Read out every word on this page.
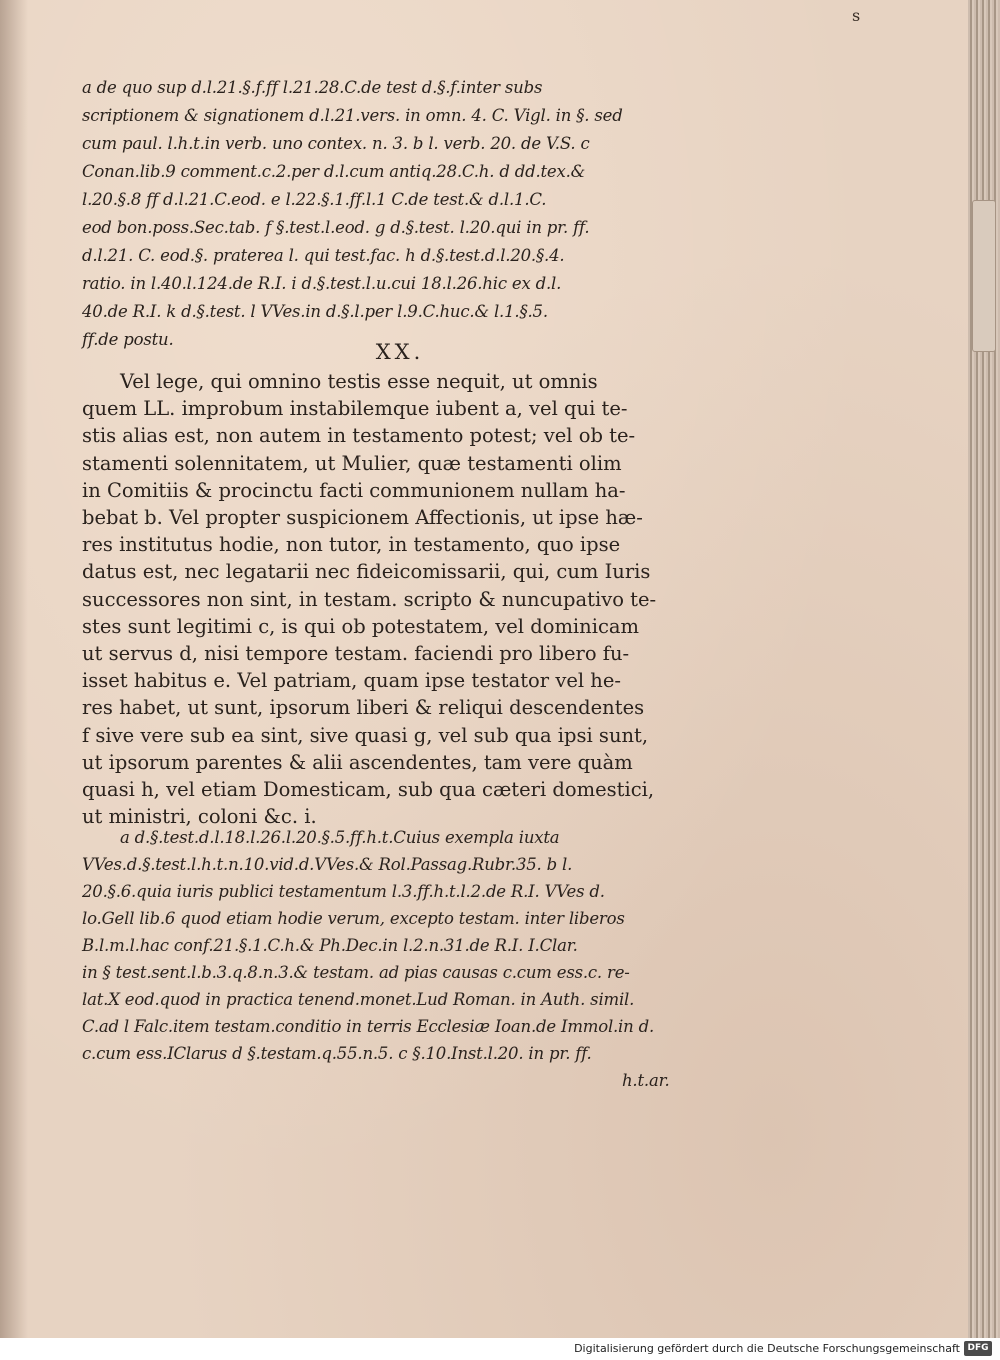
s
a de quo sup d.l.21.§.f.ff l.21.28.C.de test d.§.f.inter subs
scriptionem & signationem d.l.21.vers. in omn. 4. C. Vigl. in §. sed
cum paul. l.h.t.in verb. uno contex. n. 3. b l. verb. 20. de V.S. c
Conan.lib.9 comment.c.2.per d.l.cum antiq.28.C.h. d dd.tex.&
l.20.§.8 ff d.l.21.C.eod. e l.22.§.1.ff.l.1 C.de test.& d.l.1.C.
eod bon.poss.Sec.tab. f §.test.l.eod. g d.§.test. l.20.qui in pr. ff.
d.l.21. C. eod.§. praterea l. qui test.fac. h d.§.test.d.l.20.§.4.
ratio. in l.40.l.124.de R.I. i d.§.test.l.u.cui 18.l.26.hic ex d.l.
40.de R.I. k d.§.test. l VVes.in d.§.l.per l.9.C.huc.& l.1.§.5.
ff.de postu.
XX.
Vel lege, qui omnino testis esse nequit, ut omnis
quem LL. improbum instabilemque iubent a, vel qui te-
stis alias est, non autem in testamento potest; vel ob te-
stamenti solennitatem, ut Mulier, quæ testamenti olim
in Comitiis & procinctu facti communionem nullam ha-
bebat b. Vel propter suspicionem Affectionis, ut ipse hæ-
res institutus hodie, non tutor, in testamento, quo ipse
datus est, nec legatarii nec fideicomissarii, qui, cum Iuris
successores non sint, in testam. scripto & nuncupativo te-
stes sunt legitimi c, is qui ob potestatem, vel dominicam
ut servus d, nisi tempore testam. faciendi pro libero fu-
isset habitus e. Vel patriam, quam ipse testator vel he-
res habet, ut sunt, ipsorum liberi & reliqui descendentes
f sive vere sub ea sint, sive quasi g, vel sub qua ipsi sunt,
ut ipsorum parentes & alii ascendentes, tam vere quàm
quasi h, vel etiam Domesticam, sub qua cæteri domestici,
ut ministri, coloni &c. i.
a d.§.test.d.l.18.l.26.l.20.§.5.ff.h.t.Cuius exempla iuxta
VVes.d.§.test.l.h.t.n.10.vid.d.VVes.& Rol.Passag.Rubr.35. b l.
20.§.6.quia iuris publici testamentum l.3.ff.h.t.l.2.de R.I. VVes d.
lo.Gell lib.6 quod etiam hodie verum, excepto testam. inter liberos
B.l.m.l.hac conf.21.§.1.C.h.& Ph.Dec.in l.2.n.31.de R.I. I.Clar.
in § test.sent.l.b.3.q.8.n.3.& testam. ad pias causas c.cum ess.c. re-
lat.X eod.quod in practica tenend.monet.Lud Roman. in Auth. simil.
C.ad l Falc.item testam.conditio in terris Ecclesiæ Ioan.de Immol.in d.
c.cum ess.IClarus d §.testam.q.55.n.5. c §.10.Inst.l.20. in pr. ff.
h.t.ar.
Digitalisierung gefördert durch die Deutsche Forschungsgemeinschaft DFG
